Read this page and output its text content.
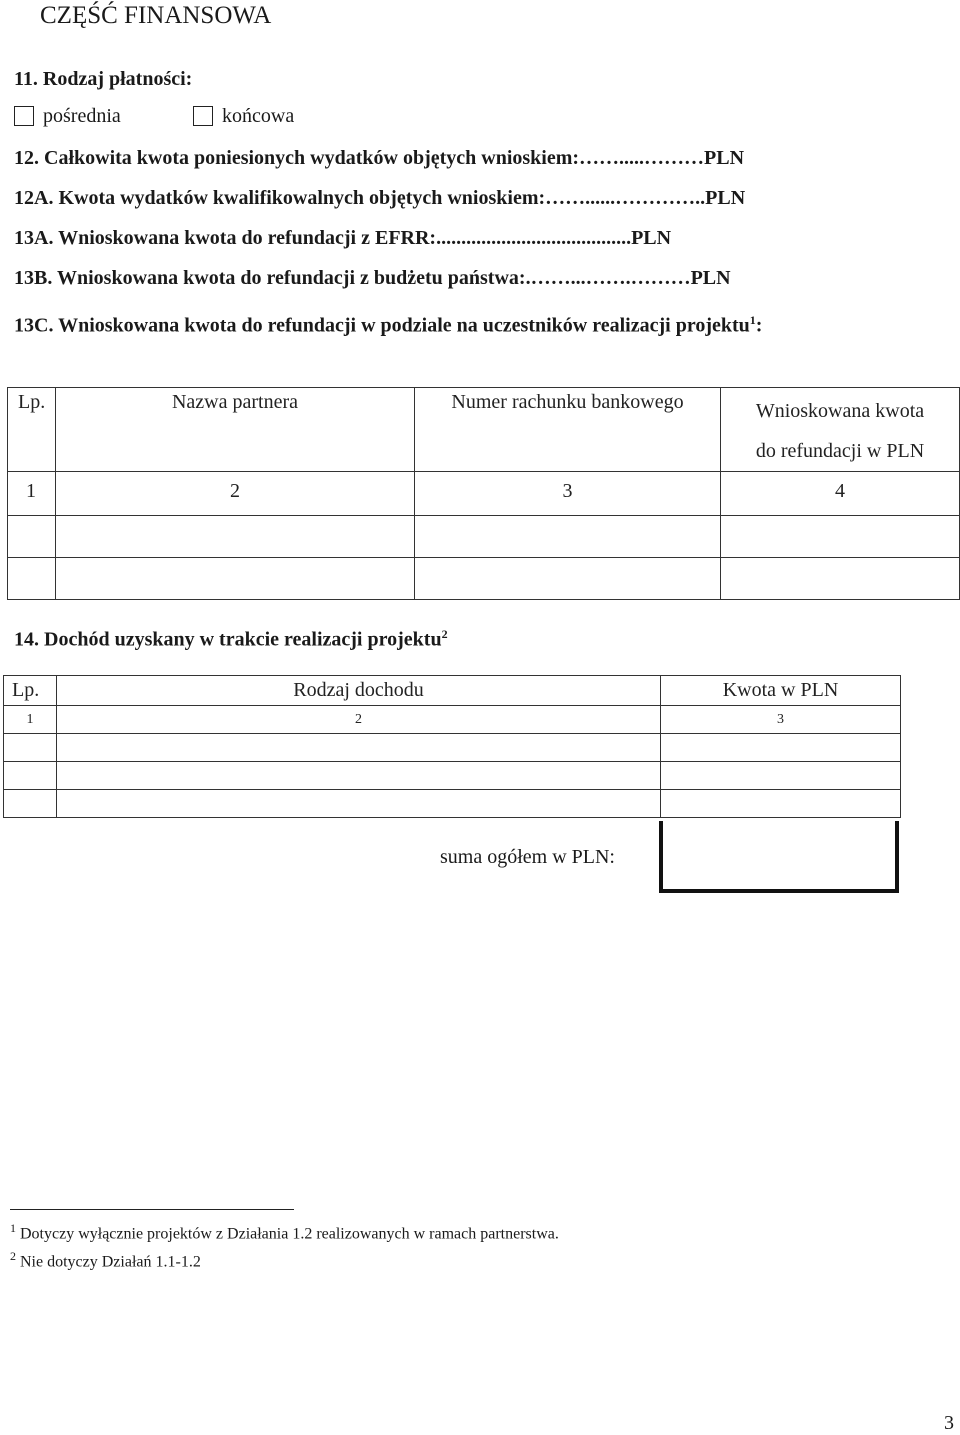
CZĘŚĆ FINANSOWA
11. Rodzaj płatności:
pośrednia	końcowa
12. Całkowita kwota poniesionych wydatków objętych wnioskiem:…….....………PLN
12A. Kwota wydatków kwalifikowalnych objętych wnioskiem:……......…………..PLN
13A. Wnioskowana kwota do refundacji z EFRR:.......................................PLN
13B. Wnioskowana kwota do refundacji z budżetu państwa:.……...…….………PLN
13C. Wnioskowana kwota do refundacji w podziale na uczestników realizacji projektu$^1$:
Lp.	Nazwa partnera	Numer rachunku bankowego	Wnioskowana kwota
do refundacji w PLN
1	2	3	4

14. Dochód uzyskany w trakcie realizacji projektu$^2$
Lp.	Rodzaj dochodu	Kwota w PLN
1	2	3

suma ogółem w PLN:
$^1$ Dotyczy wyłącznie projektów z Działania 1.2 realizowanych w ramach partnerstwa.
$^2$ Nie dotyczy Działań 1.1-1.2
3
